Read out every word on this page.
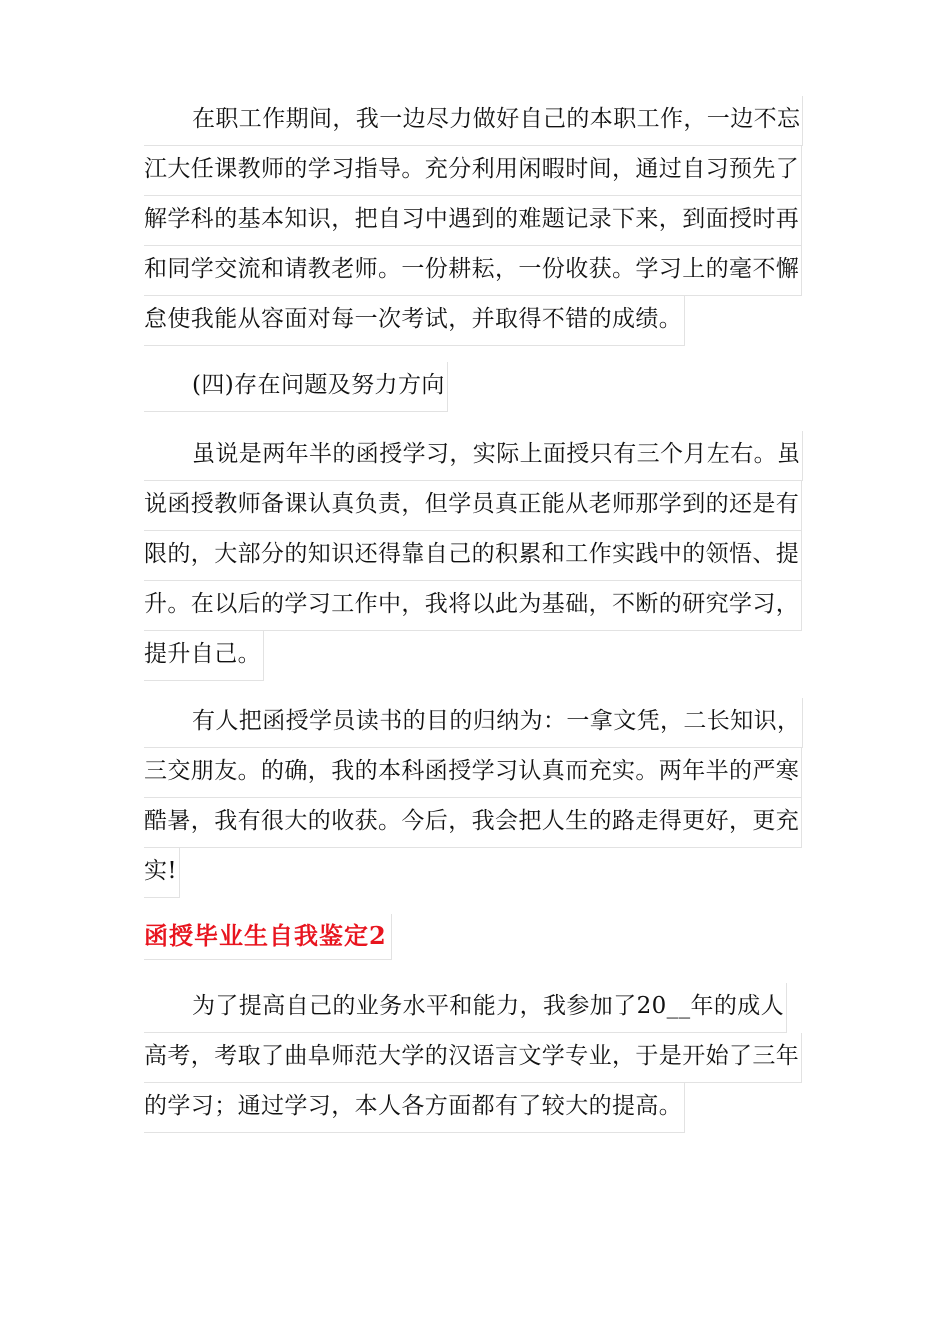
在职工作期间，我一边尽力做好自己的本职工作，一边不忘
江大任课教师的学习指导。充分利用闲暇时间，通过自习预先了
解学科的基本知识，把自习中遇到的难题记录下来，到面授时再
和同学交流和请教老师。一份耕耘，一份收获。学习上的毫不懈
怠使我能从容面对每一次考试，并取得不错的成绩。
(四)存在问题及努力方向
虽说是两年半的函授学习，实际上面授只有三个月左右。虽
说函授教师备课认真负责，但学员真正能从老师那学到的还是有
限的，大部分的知识还得靠自己的积累和工作实践中的领悟、提
升。在以后的学习工作中，我将以此为基础，不断的研究学习，
提升自己。
有人把函授学员读书的目的归纳为：一拿文凭，二长知识，
三交朋友。的确，我的本科函授学习认真而充实。两年半的严寒
酷暑，我有很大的收获。今后，我会把人生的路走得更好，更充
实!
函授毕业生自我鉴定2
为了提高自己的业务水平和能力，我参加了20__年的成人
高考，考取了曲阜师范大学的汉语言文学专业，于是开始了三年
的学习；通过学习，本人各方面都有了较大的提高。
